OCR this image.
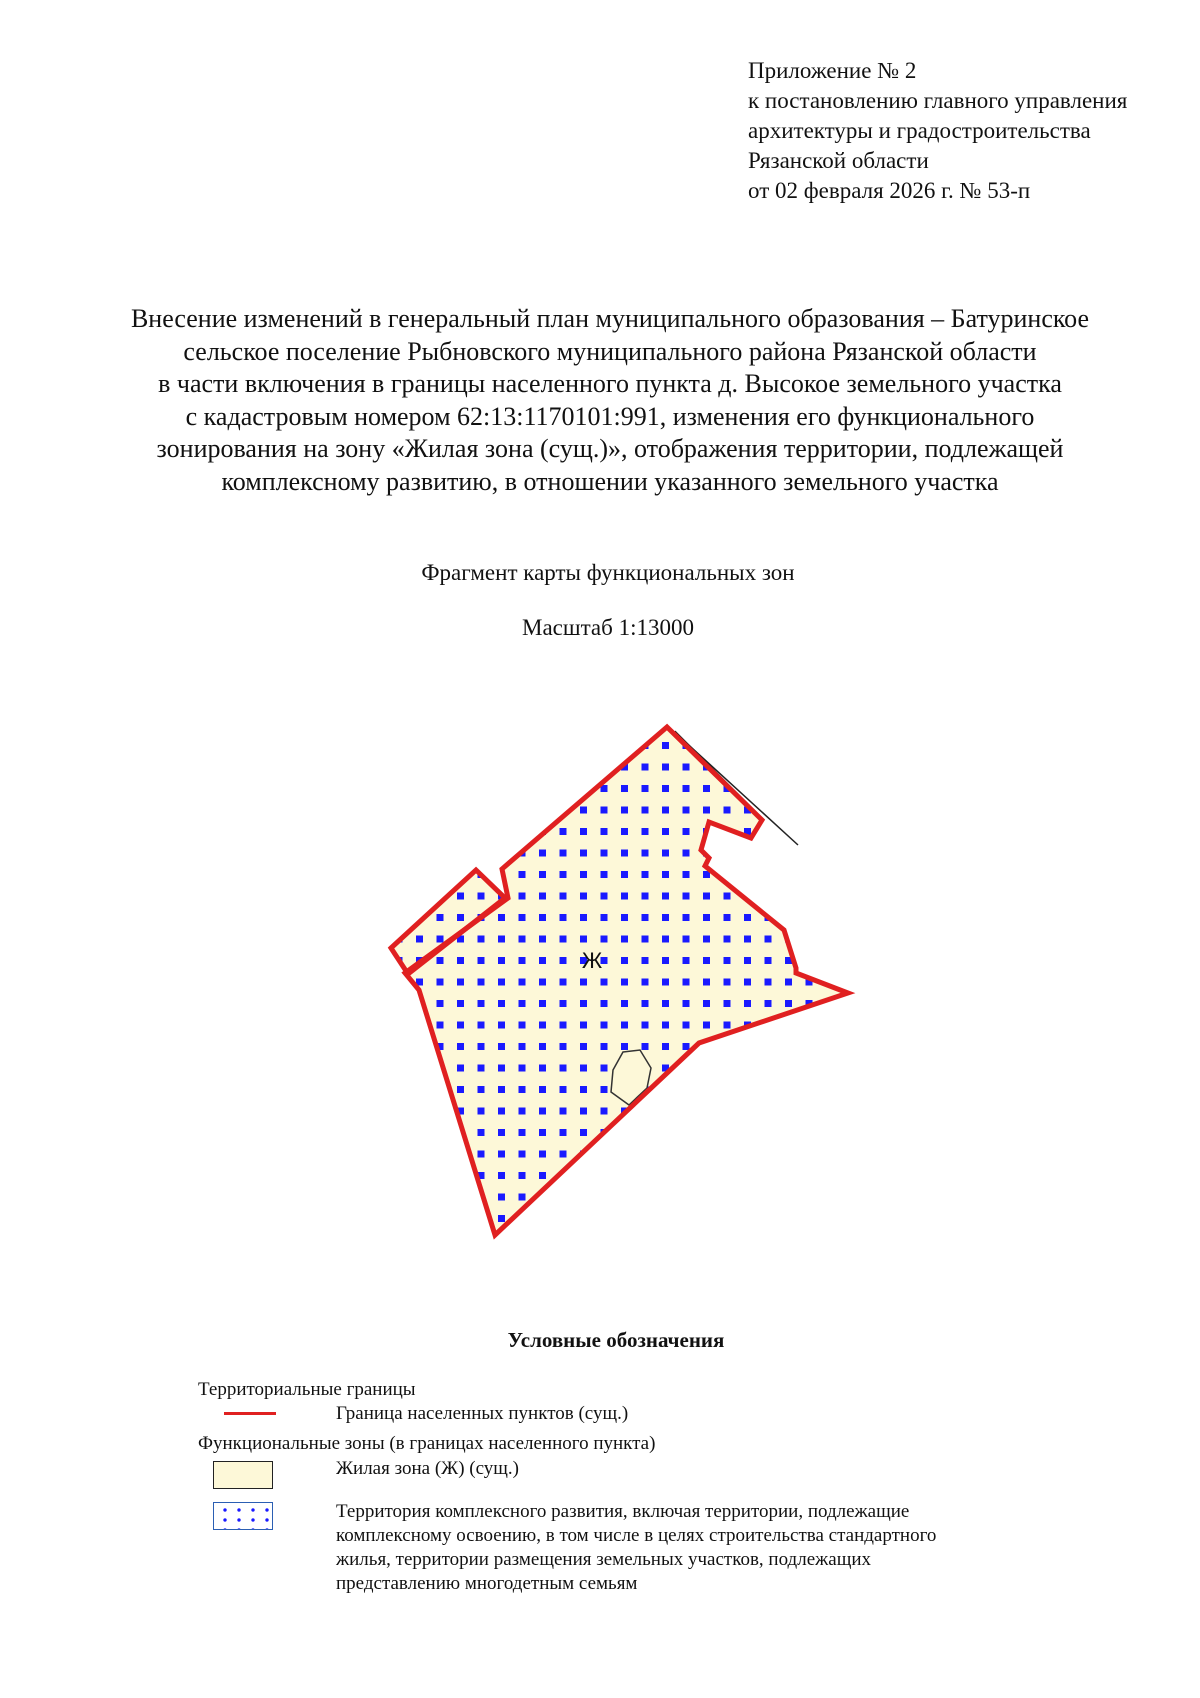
Приложение № 2
к постановлению главного управления
архитектуры и градостроительства
Рязанской области
от 02 февраля 2026 г. № 53-п
Внесение изменений в генеральный план муниципального образования – Батуринское
сельское поселение Рыбновского муниципального района Рязанской области
в части включения в границы населенного пункта д. Высокое земельного участка
с кадастровым номером 62:13:1170101:991, изменения его функционального
зонирования на зону «Жилая зона (сущ.)», отображения территории, подлежащей
комплексному развитию, в отношении указанного земельного участка
Фрагмент карты функциональных зон
Масштаб 1:13000
Ж
Условные обозначения
Территориальные границы
Граница населенных пунктов (сущ.)
Функциональные зоны (в границах населенного пункта)
Жилая зона (Ж) (сущ.)
Территория комплексного развития, включая территории, подлежащие
комплексному освоению, в том числе в целях строительства стандартного
жилья, территории размещения земельных участков, подлежащих
представлению многодетным семьям
